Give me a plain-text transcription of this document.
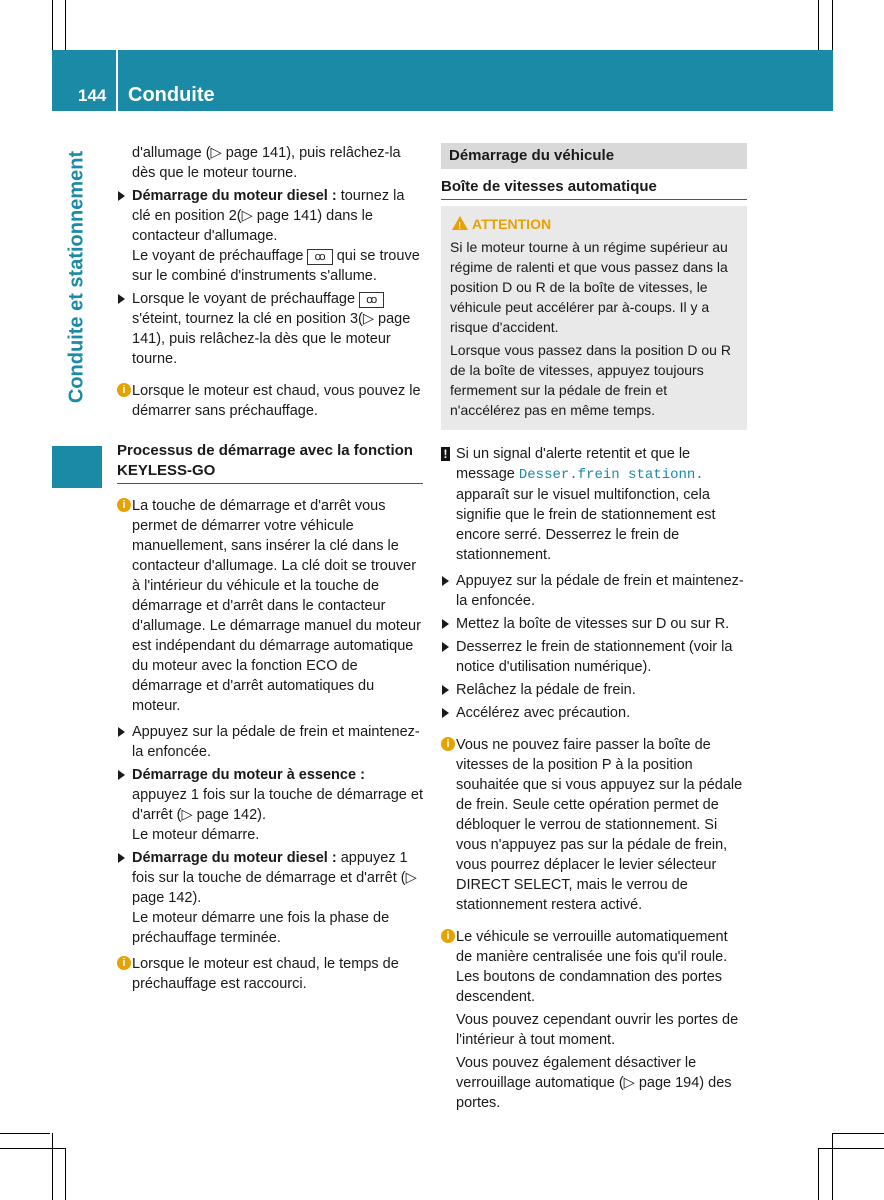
144 Conduite
Conduite et stationnement	d'allumage (▷ page 141), puis relâchez-la dès que le moteur tourne.

Démarrage du moteur diesel : tournez la clé en position 2(▷ page 141) dans le contacteur d'allumage.
Le voyant de préchauffage ꝏ qui se trouve sur le combiné d'instruments s'allume.
Lorsque le voyant de préchauffage ꝏ s'éteint, tournez la clé en position 3(▷ page 141), puis relâchez-la dès que le moteur tourne.
i Lorsque le moteur est chaud, vous pouvez le démarrer sans préchauffage.
Processus de démarrage avec la fonction KEYLESS-GO
i La touche de démarrage et d'arrêt vous permet de démarrer votre véhicule manuellement, sans insérer la clé dans le contacteur d'allumage. La clé doit se trouver à l'intérieur du véhicule et la touche de démarrage et d'arrêt dans le contacteur d'allumage. Le démarrage manuel du moteur est indépendant du démarrage automatique du moteur avec la fonction ECO de démarrage et d'arrêt automatiques du moteur.
Appuyez sur la pédale de frein et maintenez-la enfoncée.
Démarrage du moteur à essence : appuyez 1 fois sur la touche de démarrage et d'arrêt (▷ page 142).
Le moteur démarre.
Démarrage du moteur diesel : appuyez 1 fois sur la touche de démarrage et d'arrêt (▷ page 142).
Le moteur démarre une fois la phase de préchauffage terminée.
i Lorsque le moteur est chaud, le temps de préchauffage est raccourci.
Démarrage du véhicule
Boîte de vitesses automatique
!
ATTENTION

Si le moteur tourne à un régime supérieur au régime de ralenti et que vous passez dans la position D ou R de la boîte de vitesses, le véhicule peut accélérer par à-coups. Il y a risque d'accident.

Lorsque vous passez dans la position D ou R de la boîte de vitesses, appuyez toujours fermement sur la pédale de frein et n'accélérez pas en même temps.

! Si un signal d'alerte retentit et que le message Desser.frein stationn. apparaît sur le visuel multifonction, cela signifie que le frein de stationnement est encore serré. Desserrez le frein de stationnement.
Appuyez sur la pédale de frein et maintenez-la enfoncée.
Mettez la boîte de vitesses sur D ou sur R.
Desserrez le frein de stationnement (voir la notice d'utilisation numérique).
Relâchez la pédale de frein.
Accélérez avec précaution.
i Vous ne pouvez faire passer la boîte de vitesses de la position P à la position souhaitée que si vous appuyez sur la pédale de frein. Seule cette opération permet de débloquer le verrou de stationnement. Si vous n'appuyez pas sur la pédale de frein, vous pourrez déplacer le levier sélecteur DIRECT SELECT, mais le verrou de stationnement restera activé.
i Le véhicule se verrouille automatiquement de manière centralisée une fois qu'il roule. Les boutons de condamnation des portes descendent.

Vous pouvez cependant ouvrir les portes de l'intérieur à tout moment.

Vous pouvez également désactiver le verrouillage automatique (▷ page 194) des portes.
